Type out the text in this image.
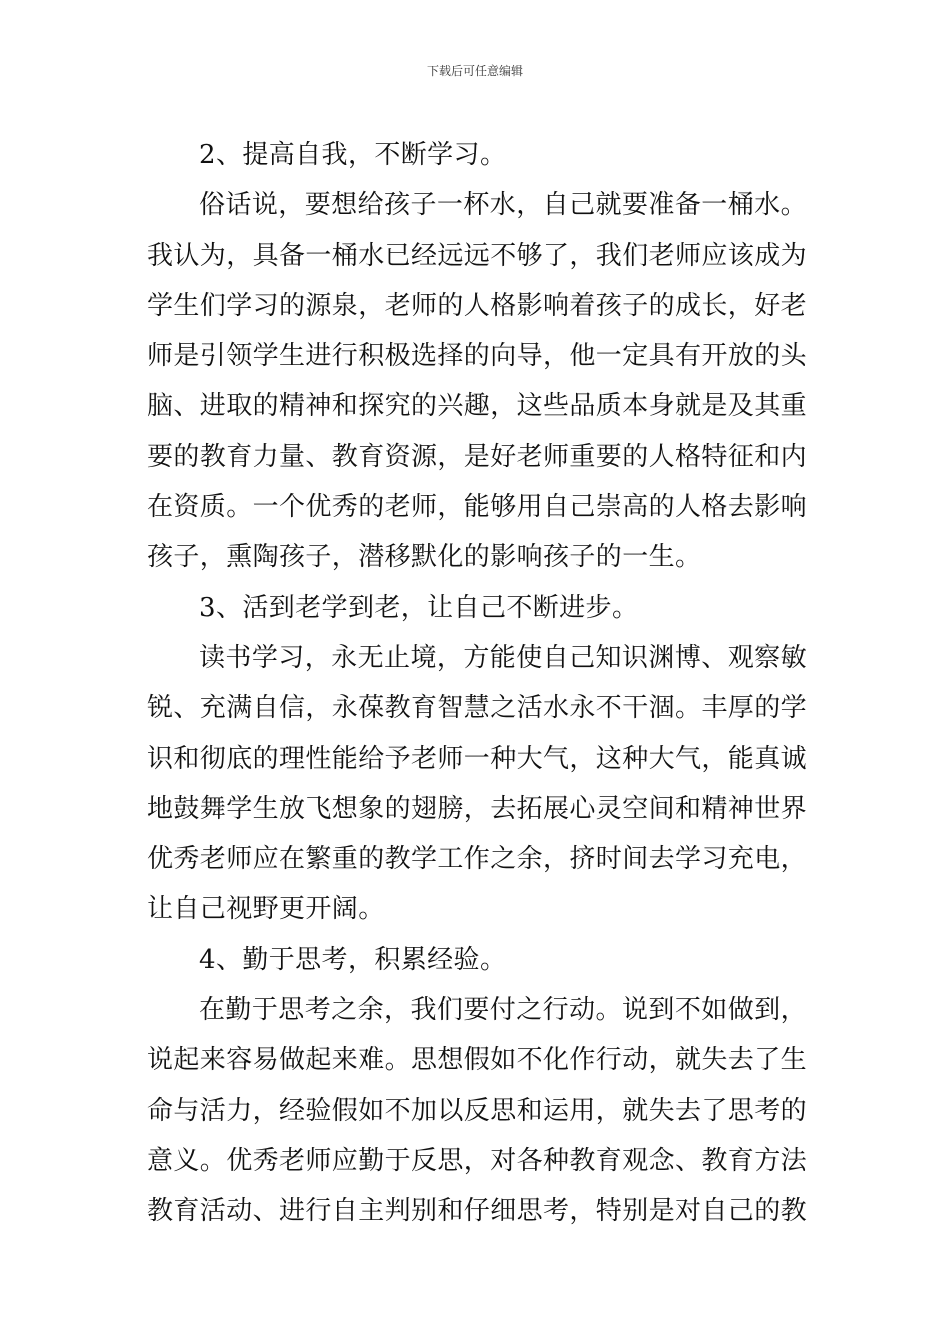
下载后可任意编辑

2、提高自我，不断学习。

俗话说，要想给孩子一杯水，自己就要准备一桶水。我认为，具备一桶水已经远远不够了，我们老师应该成为学生们学习的源泉，老师的人格影响着孩子的成长，好老师是引领学生进行积极选择的向导，他一定具有开放的头脑、进取的精神和探究的兴趣，这些品质本身就是及其重要的教育力量、教育资源，是好老师重要的人格特征和内在资质。一个优秀的老师，能够用自己崇高的人格去影响孩子，熏陶孩子，潜移默化的影响孩子的一生。

3、活到老学到老，让自己不断进步。

读书学习，永无止境，方能使自己知识渊博、观察敏锐、充满自信，永葆教育智慧之活水永不干涸。丰厚的学识和彻底的理性能给予老师一种大气，这种大气，能真诚地鼓舞学生放飞想象的翅膀，去拓展心灵空间和精神世界优秀老师应在繁重的教学工作之余，挤时间去学习充电，让自己视野更开阔。

4、勤于思考，积累经验。

在勤于思考之余，我们要付之行动。说到不如做到，说起来容易做起来难。思想假如不化作行动，就失去了生命与活力，经验假如不加以反思和运用，就失去了思考的意义。优秀老师应勤于反思，对各种教育观念、教育方法教育活动、进行自主判别和仔细思考，特别是对自己的教
